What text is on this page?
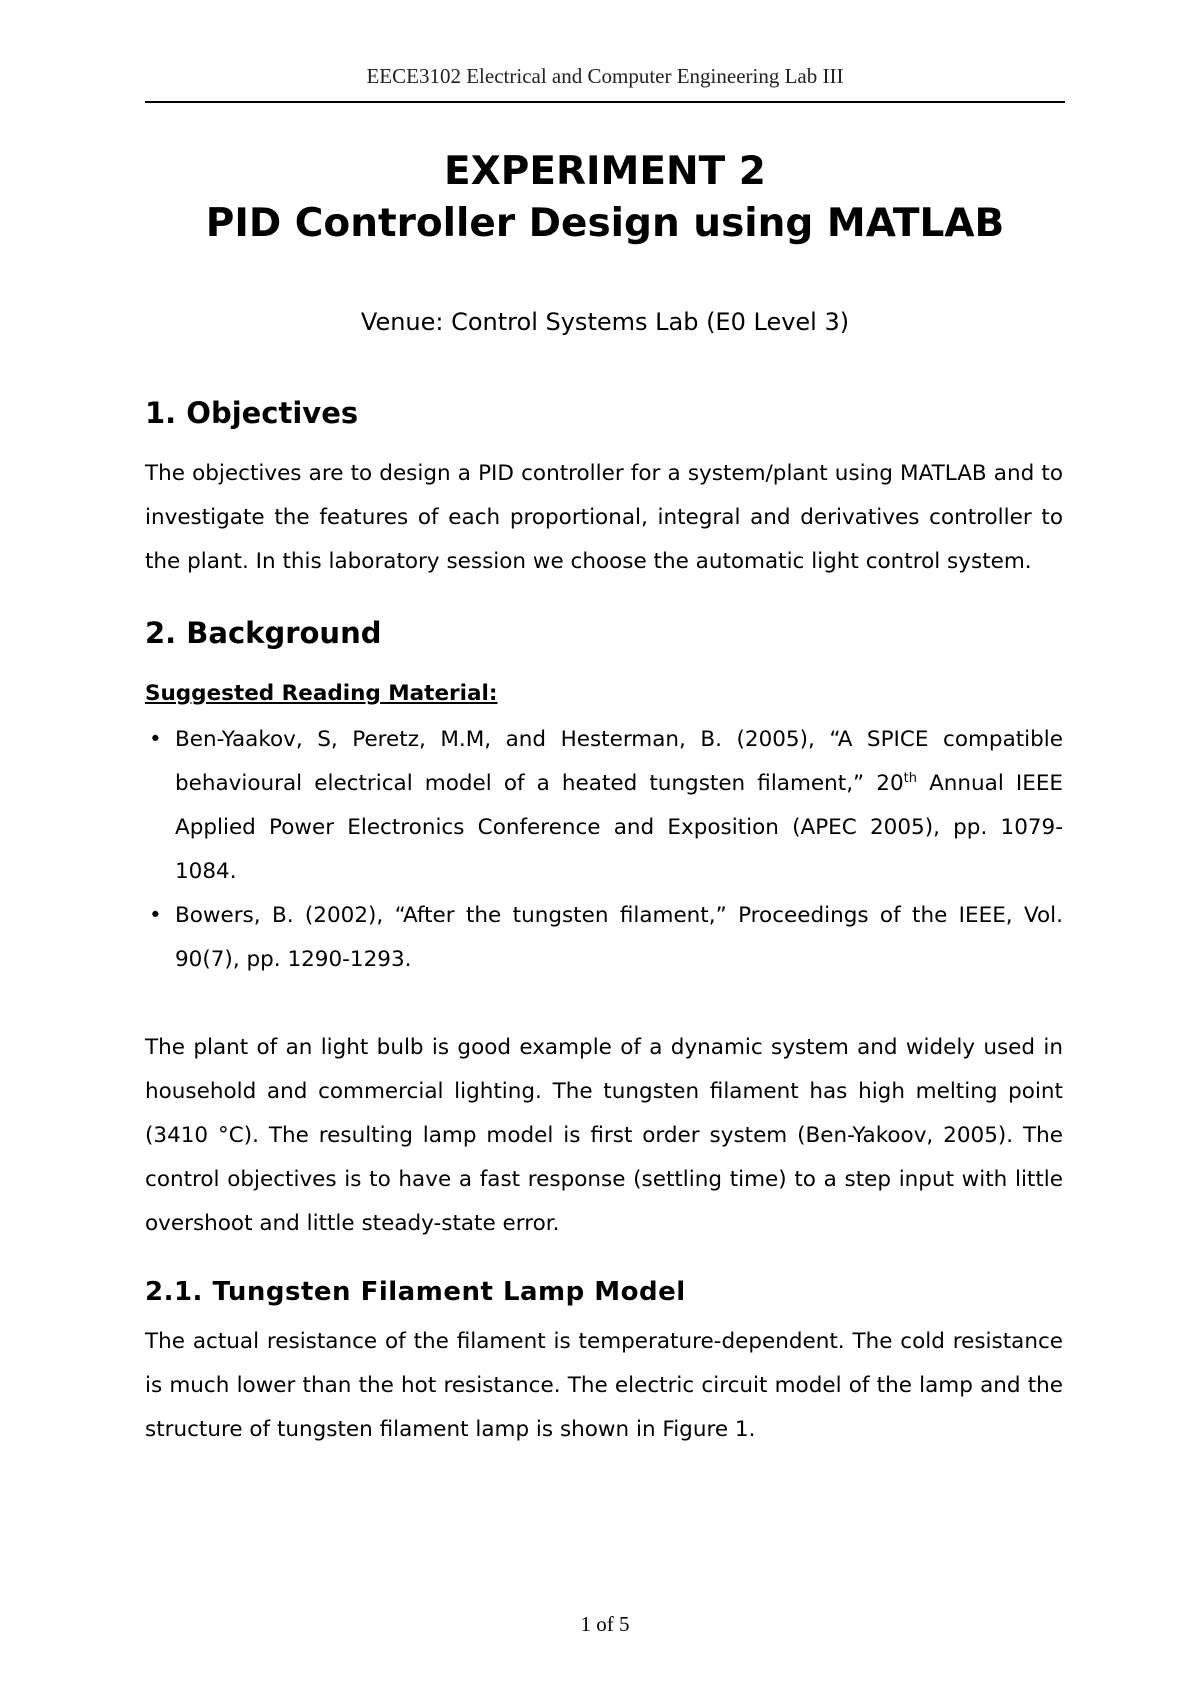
EECE3102 Electrical and Computer Engineering Lab III
EXPERIMENT 2
PID Controller Design using MATLAB
Venue: Control Systems Lab (E0 Level 3)
1. Objectives

The objectives are to design a PID controller for a system/plant using MATLAB and to investigate the features of each proportional, integral and derivatives controller to the plant. In this laboratory session we choose the automatic light control system.

2. Background
Suggested Reading Material:
• Ben-Yaakov, S, Peretz, M.M, and Hesterman, B. (2005), “A SPICE compatible behavioural electrical model of a heated tungsten filament,” 20th Annual IEEE Applied Power Electronics Conference and Exposition (APEC 2005), pp. 1079-1084.
• Bowers, B. (2002), “After the tungsten filament,” Proceedings of the IEEE, Vol. 90(7), pp. 1290-1293.

The plant of an light bulb is good example of a dynamic system and widely used in household and commercial lighting. The tungsten filament has high melting point (3410 °C). The resulting lamp model is first order system (Ben-Yakoov, 2005). The control objectives is to have a fast response (settling time) to a step input with little overshoot and little steady-state error.

2.1. Tungsten Filament Lamp Model

The actual resistance of the filament is temperature-dependent. The cold resistance is much lower than the hot resistance. The electric circuit model of the lamp and the structure of tungsten filament lamp is shown in Figure 1.

1 of 5
